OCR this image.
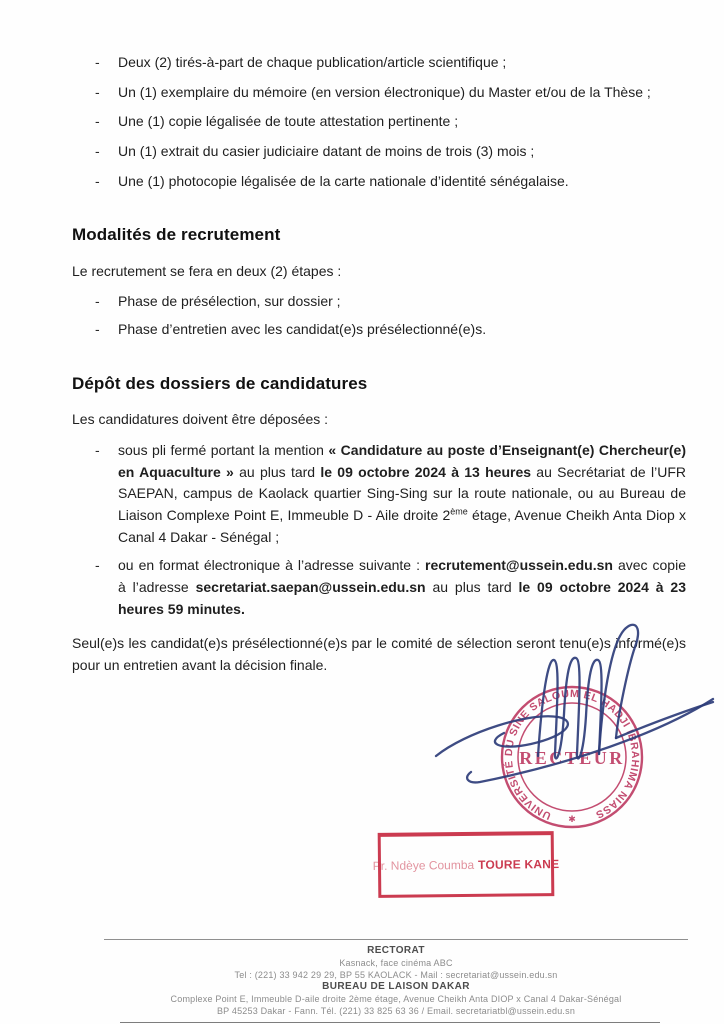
-	Deux (2) tirés-à-part de chaque publication/article scientifique ;
-	Un (1) exemplaire du mémoire (en version électronique) du Master et/ou de la Thèse ;
-	Une (1) copie légalisée de toute attestation pertinente ;
-	Un (1) extrait du casier judiciaire datant de moins de trois (3) mois ;
-	Une (1) photocopie légalisée de la carte nationale d’identité sénégalaise.
Modalités de recrutement

Le recrutement se fera en deux (2) étapes :

-	Phase de présélection, sur dossier ;
-	Phase d’entretien avec les candidat(e)s présélectionné(e)s.
Dépôt des dossiers de candidatures

Les candidatures doivent être déposées :

-	sous pli fermé portant la mention « Candidature au poste d’Enseignant(e) Chercheur(e) en Aquaculture » au plus tard le 09 octobre 2024 à 13 heures au Secrétariat de l’UFR SAEPAN, campus de Kaolack quartier Sing-Sing sur la route nationale, ou au Bureau de Liaison Complexe Point E, Immeuble D - Aile droite 2ème étage, Avenue Cheikh Anta Diop x Canal 4 Dakar - Sénégal ;
-	ou en format électronique à l’adresse suivante : recrutement@ussein.edu.sn avec copie à l’adresse secretariat.saepan@ussein.edu.sn au plus tard le 09 octobre 2024 à 23 heures 59 minutes.

Seul(e)s les candidat(e)s présélectionné(e)s par le comité de sélection seront tenu(e)s informé(e)s pour un entretien avant la décision finale.

UNIVERSITÉ DU SINE SALOUM EL HADJI IBRAHIMA NIASS
RECTEUR
✱
Pr. Ndèye Coumba TOURE KANE
RECTORAT
Kasnack, face cinéma ABC
Tel : (221) 33 942 29 29, BP 55 KAOLACK - Mail : secretariat@ussein.edu.sn
BUREAU DE LAISON DAKAR
Complexe Point E, Immeuble D-aile droite 2ème étage, Avenue Cheikh Anta DIOP x Canal 4 Dakar-Sénégal
BP 45253 Dakar - Fann. Tél. (221) 33 825 63 36 / Email. secretariatbl@ussein.edu.sn
